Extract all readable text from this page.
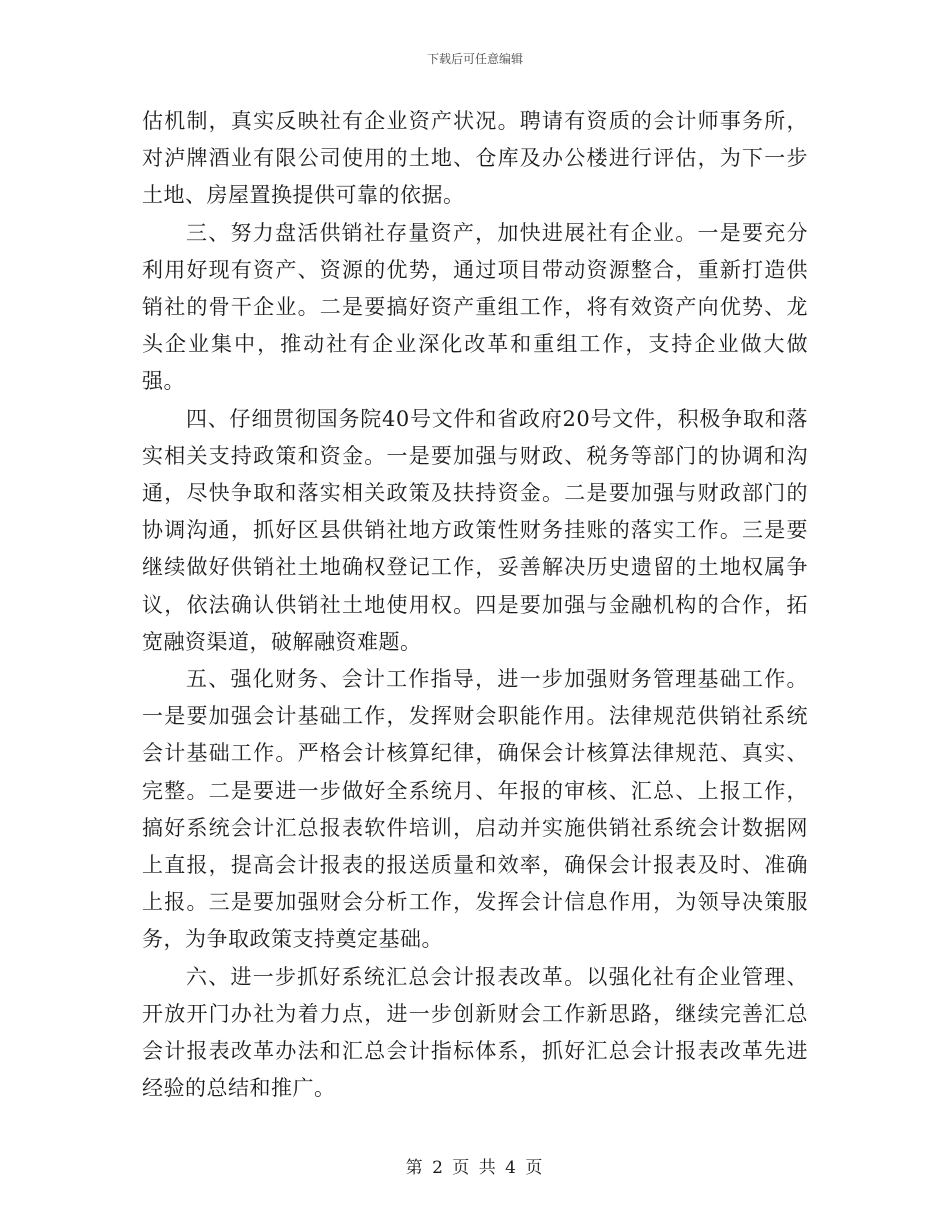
下载后可任意编辑

估机制，真实反映社有企业资产状况。聘请有资质的会计师事务所，对泸牌酒业有限公司使用的土地、仓库及办公楼进行评估，为下一步土地、房屋置换提供可靠的依据。

三、努力盘活供销社存量资产，加快进展社有企业。一是要充分利用好现有资产、资源的优势，通过项目带动资源整合，重新打造供销社的骨干企业。二是要搞好资产重组工作，将有效资产向优势、龙头企业集中，推动社有企业深化改革和重组工作，支持企业做大做强。

四、仔细贯彻国务院40号文件和省政府20号文件，积极争取和落实相关支持政策和资金。一是要加强与财政、税务等部门的协调和沟通，尽快争取和落实相关政策及扶持资金。二是要加强与财政部门的协调沟通，抓好区县供销社地方政策性财务挂账的落实工作。三是要继续做好供销社土地确权登记工作，妥善解决历史遗留的土地权属争议，依法确认供销社土地使用权。四是要加强与金融机构的合作，拓宽融资渠道，破解融资难题。

五、强化财务、会计工作指导，进一步加强财务管理基础工作。一是要加强会计基础工作，发挥财会职能作用。法律规范供销社系统会计基础工作。严格会计核算纪律，确保会计核算法律规范、真实、完整。二是要进一步做好全系统月、年报的审核、汇总、上报工作，搞好系统会计汇总报表软件培训，启动并实施供销社系统会计数据网上直报，提高会计报表的报送质量和效率，确保会计报表及时、准确上报。三是要加强财会分析工作，发挥会计信息作用，为领导决策服务，为争取政策支持奠定基础。

六、进一步抓好系统汇总会计报表改革。以强化社有企业管理、开放开门办社为着力点，进一步创新财会工作新思路，继续完善汇总会计报表改革办法和汇总会计指标体系，抓好汇总会计报表改革先进经验的总结和推广。

第 2 页 共 4 页
